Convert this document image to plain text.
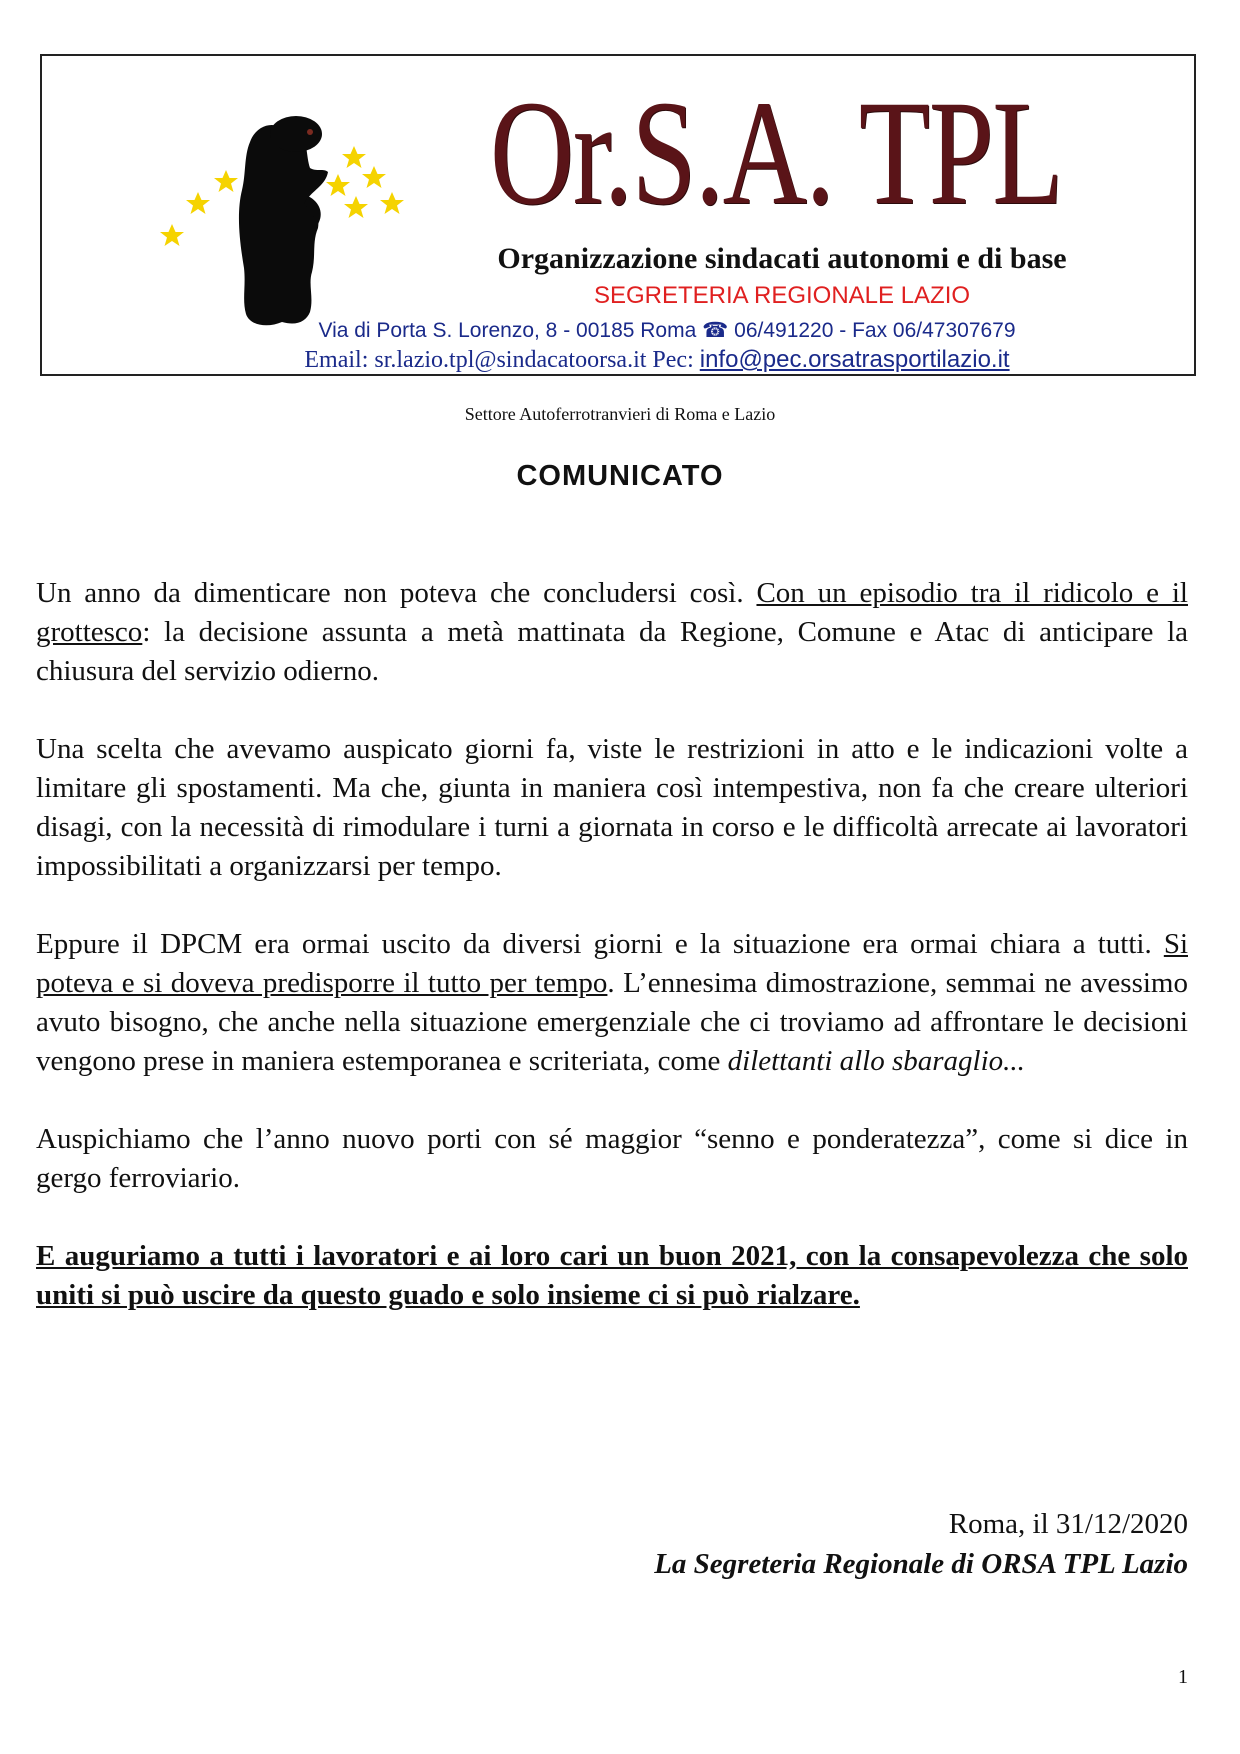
Or.S.A. TPL
Organizzazione sindacati autonomi e di base
SEGRETERIA REGIONALE LAZIO
Via di Porta S. Lorenzo, 8 - 00185 Roma ☎ 06/491220 - Fax 06/47307679
Email: sr.lazio.tpl@sindacatoorsa.it Pec: info@pec.orsatrasportilazio.it
Settore Autoferrotranvieri di Roma e Lazio
COMUNICATO

Un anno da dimenticare non poteva che concludersi così. Con un episodio tra il ridicolo e il grottesco: la decisione assunta a metà mattinata da Regione, Comune e Atac di anticipare la chiusura del servizio odierno.

Una scelta che avevamo auspicato giorni fa, viste le restrizioni in atto e le indicazioni volte a limitare gli spostamenti. Ma che, giunta in maniera così intempestiva, non fa che creare ulteriori disagi, con la necessità di rimodulare i turni a giornata in corso e le difficoltà arrecate ai lavoratori impossibilitati a organizzarsi per tempo.

Eppure il DPCM era ormai uscito da diversi giorni e la situazione era ormai chiara a tutti. Si poteva e si doveva predisporre il tutto per tempo. L’ennesima dimostrazione, semmai ne avessimo avuto bisogno, che anche nella situazione emergenziale che ci troviamo ad affrontare le decisioni vengono prese in maniera estemporanea e scriteriata, come dilettanti allo sbaraglio...

Auspichiamo che l’anno nuovo porti con sé maggior “senno e ponderatezza”, come si dice in gergo ferroviario.

E auguriamo a tutti i lavoratori e ai loro cari un buon 2021, con la consapevolezza che solo uniti si può uscire da questo guado e solo insieme ci si può rialzare.

Roma, il 31/12/2020
La Segreteria Regionale di ORSA TPL Lazio
1
